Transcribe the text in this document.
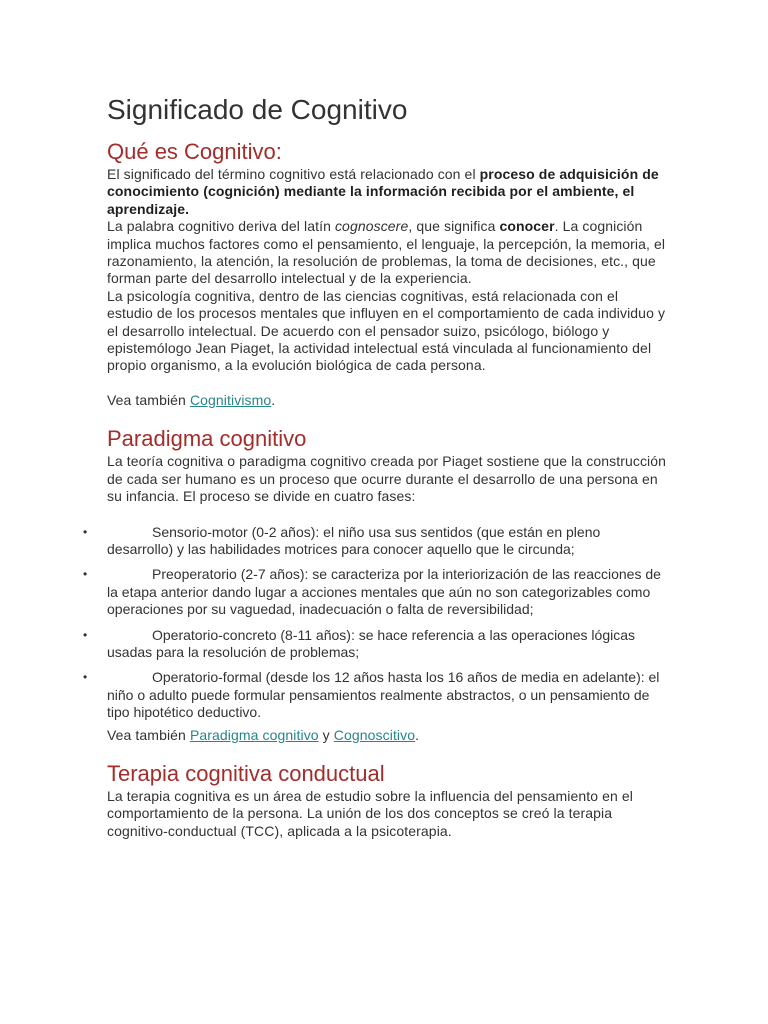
Significado de Cognitivo
Qué es Cognitivo:

El significado del término cognitivo está relacionado con el proceso de adquisición de conocimiento (cognición) mediante la información recibida por el ambiente, el aprendizaje.

La palabra cognitivo deriva del latín cognoscere, que significa conocer. La cognición implica muchos factores como el pensamiento, el lenguaje, la percepción, la memoria, el razonamiento, la atención, la resolución de problemas, la toma de decisiones, etc., que forman parte del desarrollo intelectual y de la experiencia.

La psicología cognitiva, dentro de las ciencias cognitivas, está relacionada con el estudio de los procesos mentales que influyen en el comportamiento de cada individuo y el desarrollo intelectual. De acuerdo con el pensador suizo, psicólogo, biólogo y epistemólogo Jean Piaget, la actividad intelectual está vinculada al funcionamiento del propio organismo, a la evolución biológica de cada persona.

Vea también Cognitivismo.

Paradigma cognitivo

La teoría cognitiva o paradigma cognitivo creada por Piaget sostiene que la construcción de cada ser humano es un proceso que ocurre durante el desarrollo de una persona en su infancia. El proceso se divide en cuatro fases:

•	Sensorio-motor (0-2 años): el niño usa sus sentidos (que están en pleno desarrollo) y las habilidades motrices para conocer aquello que le circunda;
•	Preoperatorio (2-7 años): se caracteriza por la interiorización de las reacciones de la etapa anterior dando lugar a acciones mentales que aún no son categorizables como operaciones por su vaguedad, inadecuación o falta de reversibilidad;
•	Operatorio-concreto (8-11 años): se hace referencia a las operaciones lógicas usadas para la resolución de problemas;
•	Operatorio-formal (desde los 12 años hasta los 16 años de media en adelante): el niño o adulto puede formular pensamientos realmente abstractos, o un pensamiento de tipo hipotético deductivo.

Vea también Paradigma cognitivo y Cognoscitivo.

Terapia cognitiva conductual

La terapia cognitiva es un área de estudio sobre la influencia del pensamiento en el comportamiento de la persona. La unión de los dos conceptos se creó la terapia cognitivo-conductual (TCC), aplicada a la psicoterapia.
